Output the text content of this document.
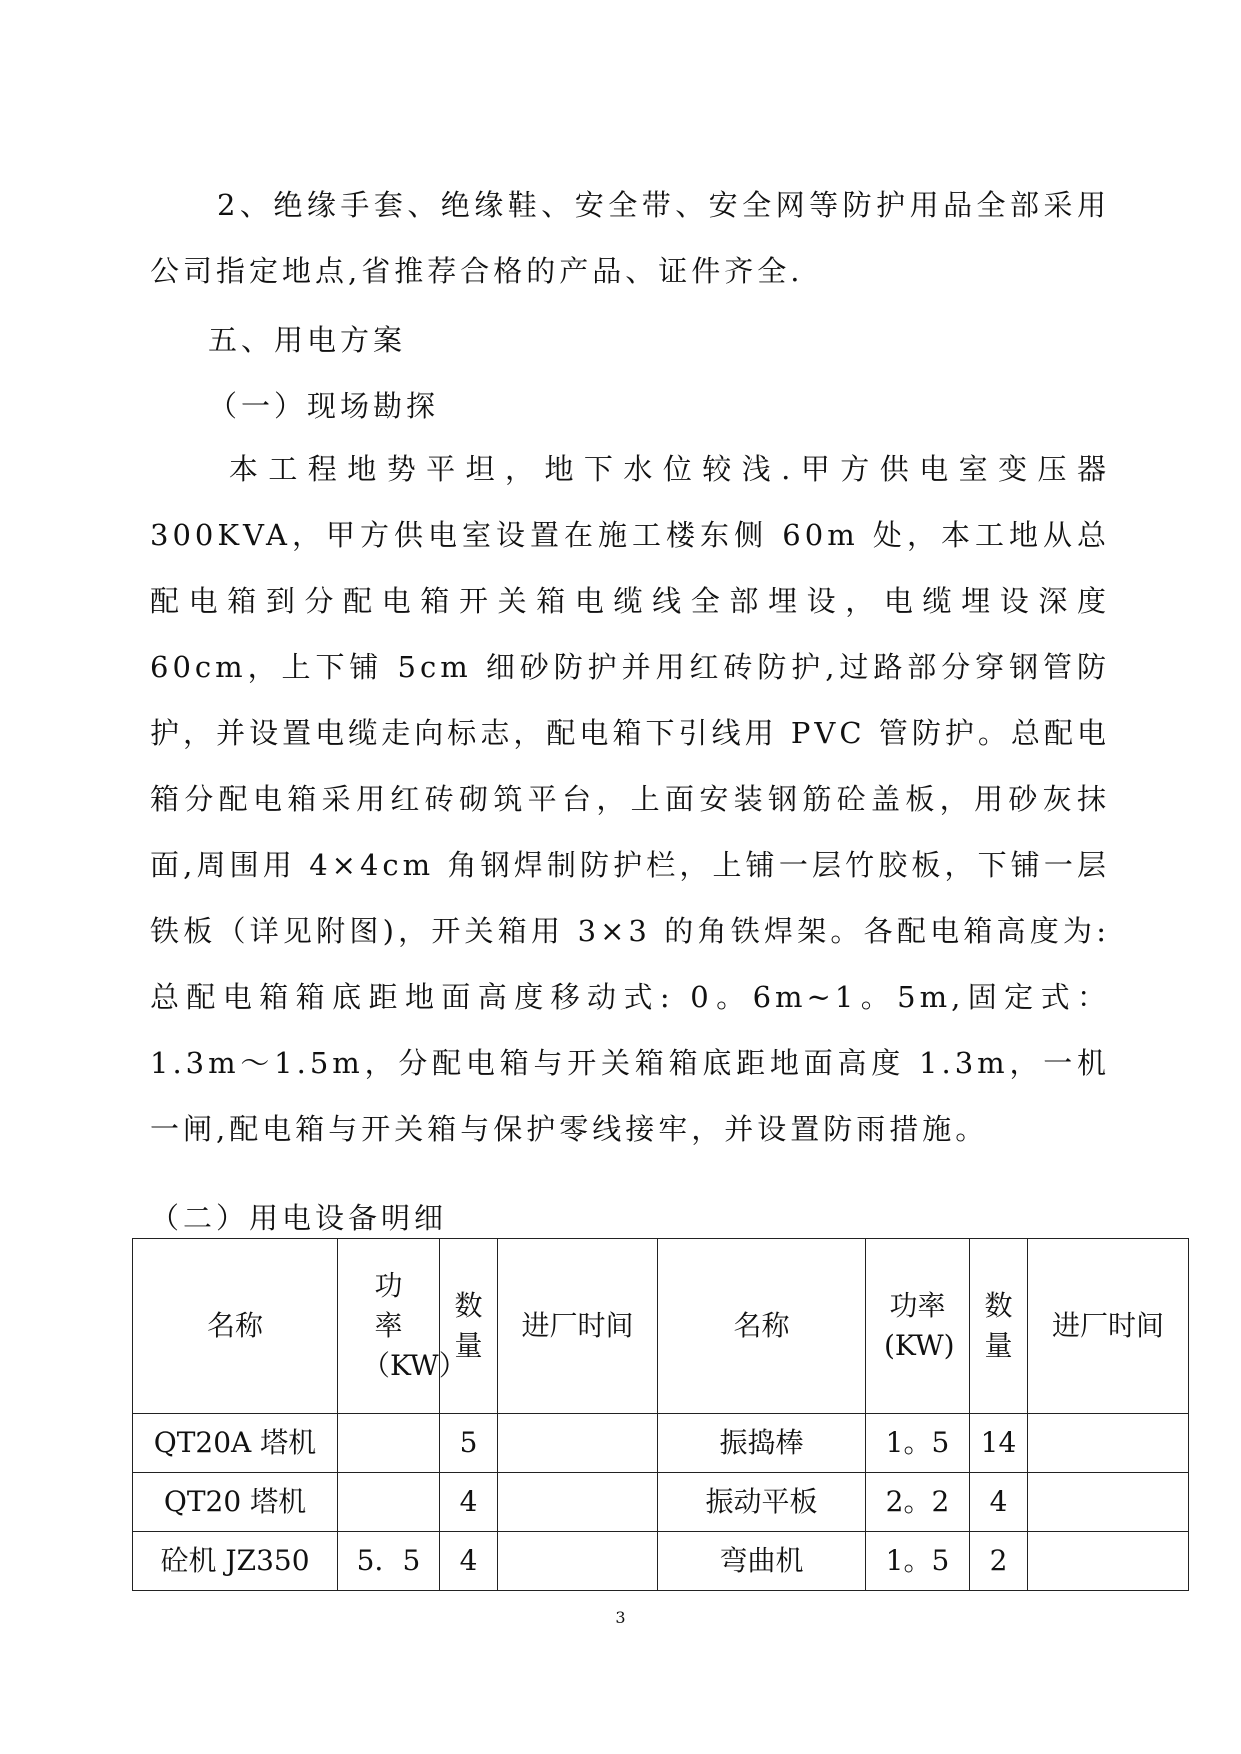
　　2、绝缘手套、绝缘鞋、安全带、安全网等防护用品全部采用公司指定地点,省推荐合格的产品、证件齐全.

五、用电方案
（一）现场勘探

　　本工程地势平坦，地下水位较浅.甲方供电室变压器 300KVA，甲方供电室设置在施工楼东侧 60m 处，本工地从总配电箱到分配电箱开关箱电缆线全部埋设，电缆埋设深度 60cm，上下铺 5cm 细砂防护并用红砖防护,过路部分穿钢管防护，并设置电缆走向标志，配电箱下引线用 PVC 管防护。总配电箱分配电箱采用红砖砌筑平台，上面安装钢筋砼盖板，用砂灰抹面,周围用 4×4cm 角钢焊制防护栏，上铺一层竹胶板，下铺一层铁板（详见附图)，开关箱用 3×3 的角铁焊架。各配电箱高度为: 总配电箱箱底距地面高度移动式: 0。6m~1。5m,固定式：1.3m～1.5m，分配电箱与开关箱箱底距地面高度 1.3m，一机一闸,配电箱与开关箱与保护零线接牢，并设置防雨措施。

（二）用电设备明细
名称	功率（KW）	数量	进厂时间	名称	功率(KW)	数量	进厂时间
QT20A 塔机		5		振捣棒	1。5	14	
QT20 塔机		4		振动平板	2。2	4	
砼机 JZ350	5．5	4		弯曲机	1。5	2	
3
